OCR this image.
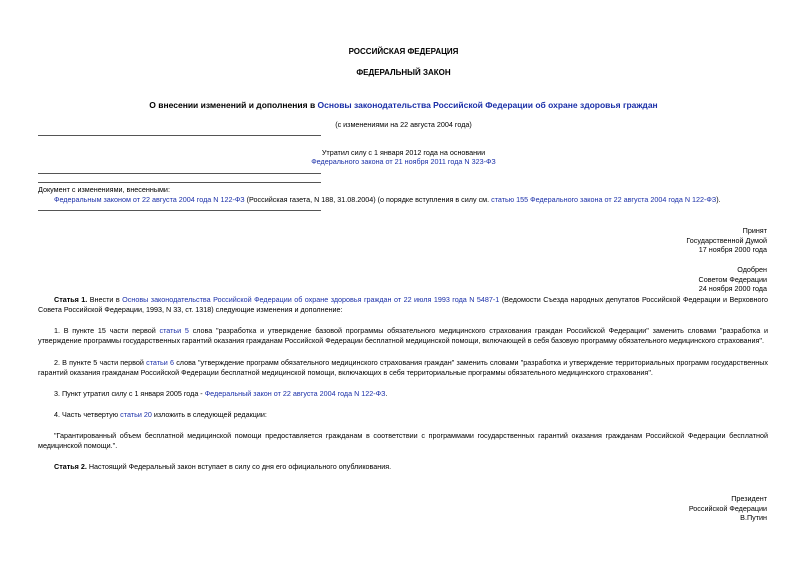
РОССИЙСКАЯ ФЕДЕРАЦИЯ
ФЕДЕРАЛЬНЫЙ ЗАКОН
О внесении изменений и дополнения в Основы законодательства Российской Федерации об охране здоровья граждан
(с изменениями на 22 августа 2004 года)
Утратил силу с 1 января 2012 года на основании
Федерального закона от 21 ноября 2011 года N 323-ФЗ
Документ с изменениями, внесенными:
Федеральным законом от 22 августа 2004 года N 122-ФЗ (Российская газета, N 188, 31.08.2004) (о порядке вступления в силу см. статью 155 Федерального закона от 22 августа 2004 года N 122-ФЗ).
Принят
Государственной Думой
17 ноября 2000 года
Одобрен
Советом Федерации
24 ноября 2000 года
Статья 1. Внести в Основы законодательства Российской Федерации об охране здоровья граждан от 22 июля 1993 года N 5487-1 (Ведомости Съезда народных депутатов Российской Федерации и Верховного Совета Российской Федерации, 1993, N 33, ст. 1318) следующие изменения и дополнение:
1. В пункте 15 части первой статьи 5 слова "разработка и утверждение базовой программы обязательного медицинского страхования граждан Российской Федерации" заменить словами "разработка и утверждение программы государственных гарантий оказания гражданам Российской Федерации бесплатной медицинской помощи, включающей в себя базовую программу обязательного медицинского страхования".
2. В пункте 5 части первой статьи 6 слова "утверждение программ обязательного медицинского страхования граждан" заменить словами "разработка и утверждение территориальных программ государственных гарантий оказания гражданам Российской Федерации бесплатной медицинской помощи, включающих в себя территориальные программы обязательного медицинского страхования".
3. Пункт утратил силу с 1 января 2005 года - Федеральный закон от 22 августа 2004 года N 122-ФЗ.
4. Часть четвертую статьи 20 изложить в следующей редакции:
"Гарантированный объем бесплатной медицинской помощи предоставляется гражданам в соответствии с программами государственных гарантий оказания гражданам Российской Федерации бесплатной медицинской помощи.".
Статья 2. Настоящий Федеральный закон вступает в силу со дня его официального опубликования.
Президент
Российской Федерации
В.Путин
